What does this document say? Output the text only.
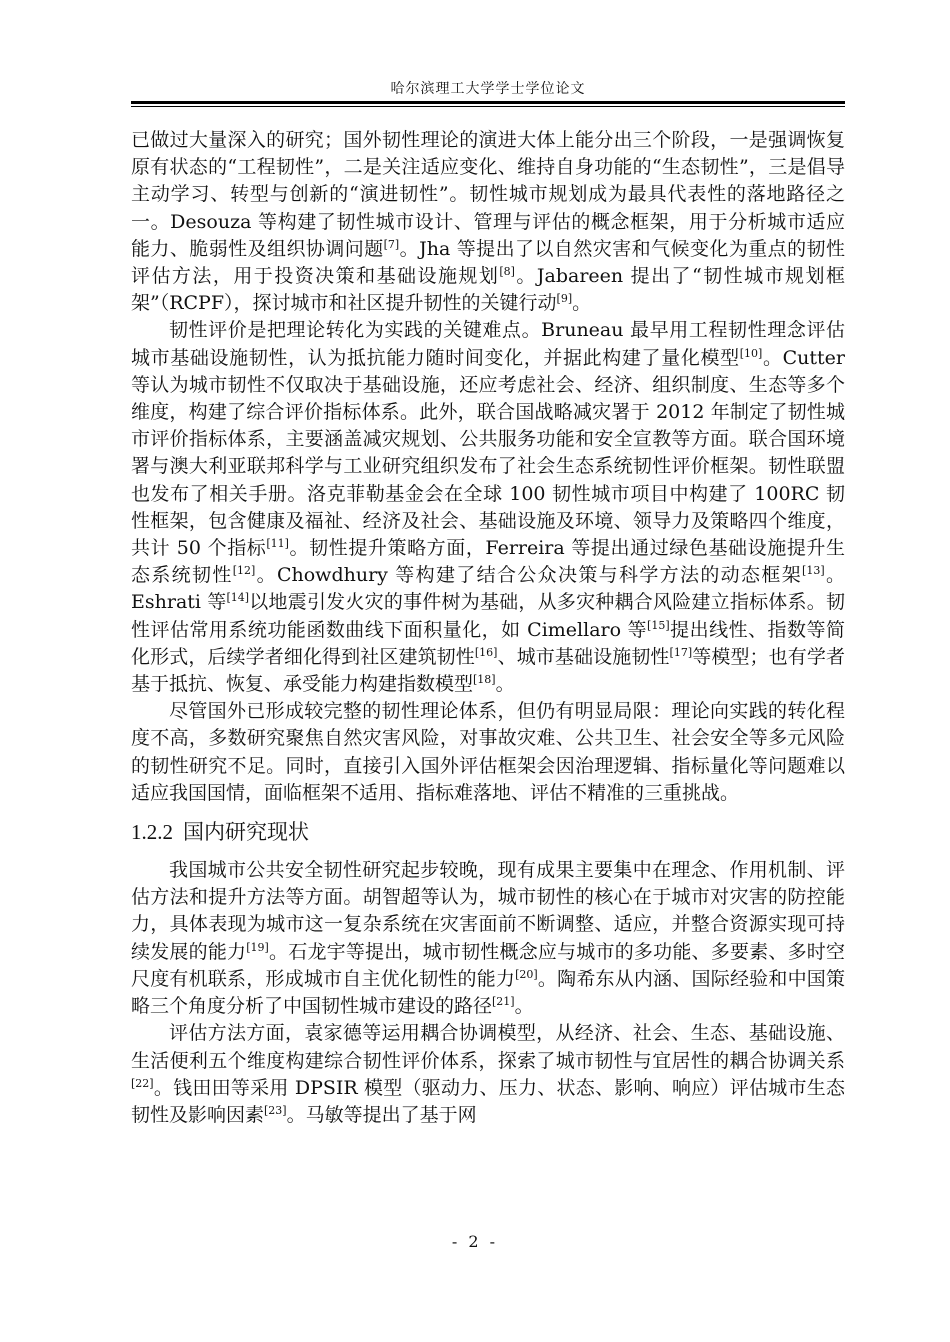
哈尔滨理工大学学士学位论文

已做过大量深入的研究；国外韧性理论的演进大体上能分出三个阶段，一是强调恢复原有状态的“工程韧性”，二是关注适应变化、维持自身功能的“生态韧性”，三是倡导主动学习、转型与创新的“演进韧性”。韧性城市规划成为最具代表性的落地路径之一。Desouza 等构建了韧性城市设计、管理与评估的概念框架，用于分析城市适应能力、脆弱性及组织协调问题[7]。Jha 等提出了以自然灾害和气候变化为重点的韧性评估方法，用于投资决策和基础设施规划[8]。Jabareen 提出了“韧性城市规划框架”（RCPF），探讨城市和社区提升韧性的关键行动[9]。

韧性评价是把理论转化为实践的关键难点。Bruneau 最早用工程韧性理念评估城市基础设施韧性，认为抵抗能力随时间变化，并据此构建了量化模型[10]。Cutter 等认为城市韧性不仅取决于基础设施，还应考虑社会、经济、组织制度、生态等多个维度，构建了综合评价指标体系。此外，联合国战略减灾署于 2012 年制定了韧性城市评价指标体系，主要涵盖减灾规划、公共服务功能和安全宣教等方面。联合国环境署与澳大利亚联邦科学与工业研究组织发布了社会生态系统韧性评价框架。韧性联盟也发布了相关手册。洛克菲勒基金会在全球 100 韧性城市项目中构建了 100RC 韧性框架，包含健康及福祉、经济及社会、基础设施及环境、领导力及策略四个维度，共计 50 个指标[11]。韧性提升策略方面，Ferreira 等提出通过绿色基础设施提升生态系统韧性[12]。Chowdhury 等构建了结合公众决策与科学方法的动态框架[13]。Eshrati 等[14]以地震引发火灾的事件树为基础，从多灾种耦合风险建立指标体系。韧性评估常用系统功能函数曲线下面积量化，如 Cimellaro 等[15]提出线性、指数等简化形式，后续学者细化得到社区建筑韧性[16]、城市基础设施韧性[17]等模型；也有学者基于抵抗、恢复、承受能力构建指数模型[18]。

尽管国外已形成较完整的韧性理论体系，但仍有明显局限：理论向实践的转化程度不高，多数研究聚焦自然灾害风险，对事故灾难、公共卫生、社会安全等多元风险的韧性研究不足。同时，直接引入国外评估框架会因治理逻辑、指标量化等问题难以适应我国国情，面临框架不适用、指标难落地、评估不精准的三重挑战。

1.2.2 国内研究现状

我国城市公共安全韧性研究起步较晚，现有成果主要集中在理念、作用机制、评估方法和提升方法等方面。胡智超等认为，城市韧性的核心在于城市对灾害的防控能力，具体表现为城市这一复杂系统在灾害面前不断调整、适应，并整合资源实现可持续发展的能力[19]。石龙宇等提出，城市韧性概念应与城市的多功能、多要素、多时空尺度有机联系，形成城市自主优化韧性的能力[20]。陶希东从内涵、国际经验和中国策略三个角度分析了中国韧性城市建设的路径[21]。

评估方法方面，袁家德等运用耦合协调模型，从经济、社会、生态、基础设施、生活便利五个维度构建综合韧性评价体系，探索了城市韧性与宜居性的耦合协调关系[22]。钱田田等采用 DPSIR 模型（驱动力、压力、状态、影响、响应）评估城市生态韧性及影响因素[23]。马敏等提出了基于网

- 2 -
